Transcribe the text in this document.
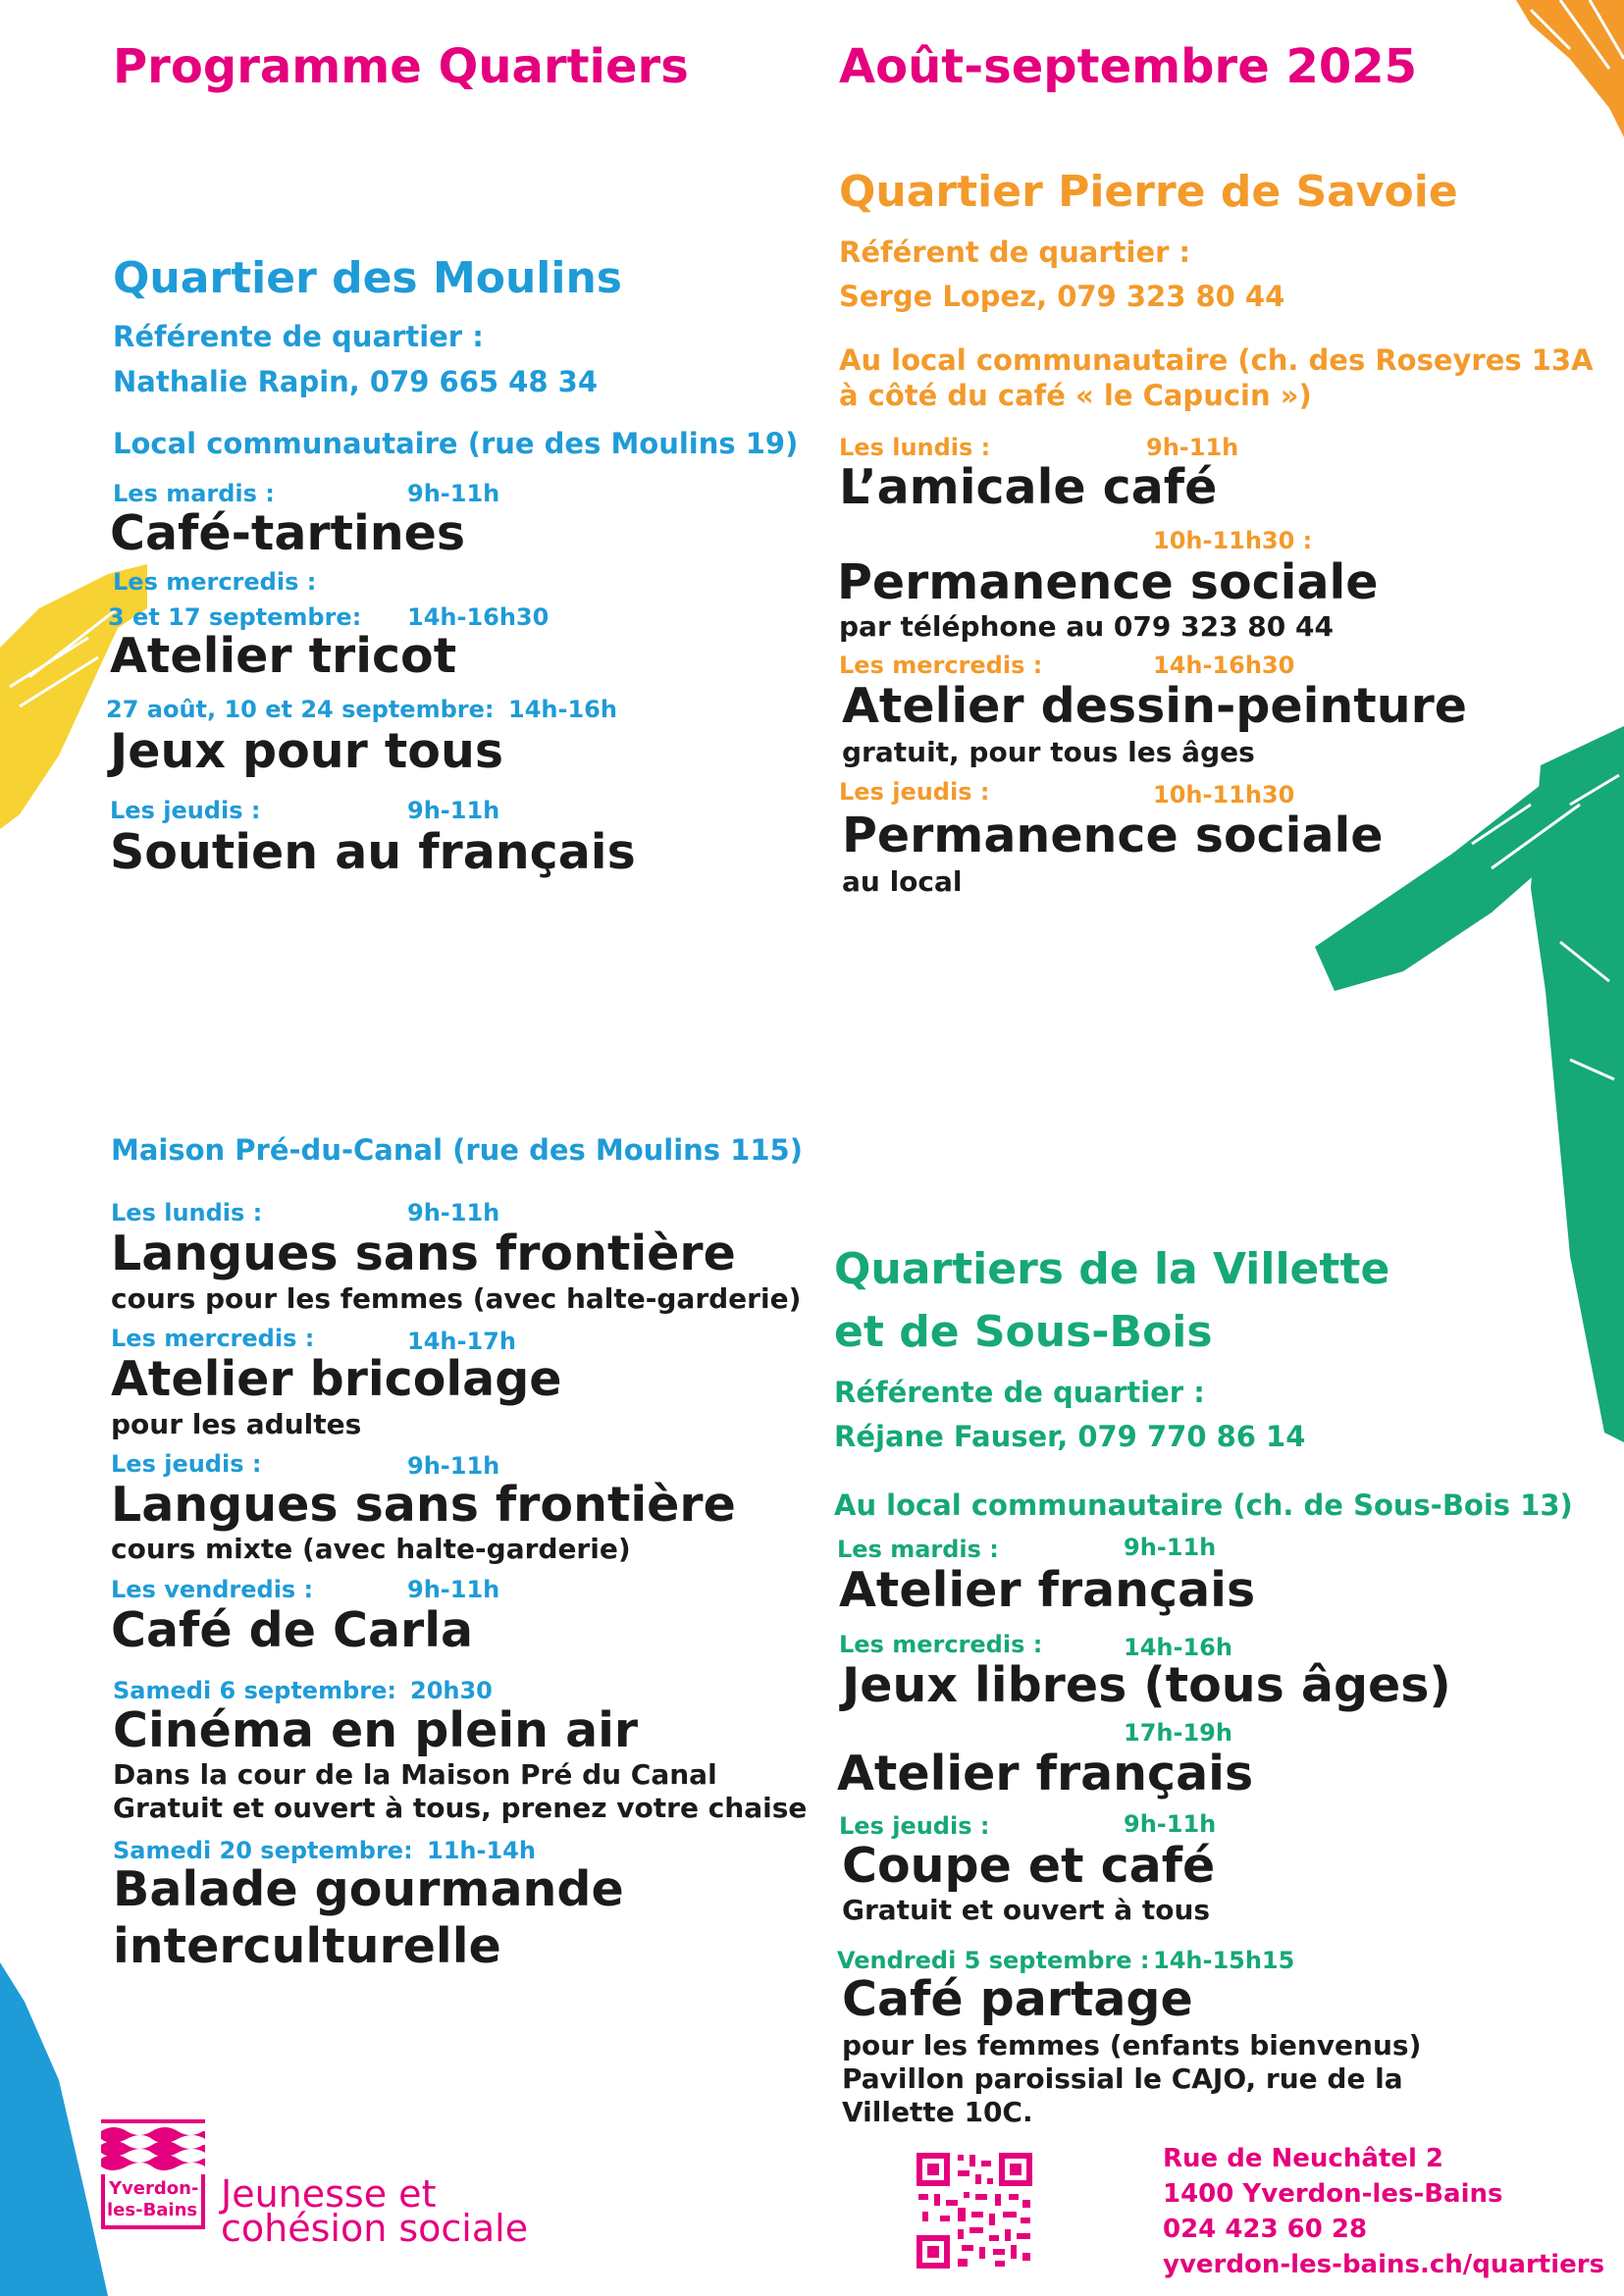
Programme Quartiers	Août-septembre 2025
Quartier des Moulins
Référente de quartier :
Nathalie Rapin, 079 665 48 34
Local communautaire (rue des Moulins 19)
Les mardis :	9h-11h
Café-tartines
Les mercredis :
3 et 17 septembre: 14h-16h30
Atelier tricot
27 août, 10 et 24 septembre: 14h-16h
Jeux pour tous
Les jeudis :	9h-11h
Soutien au français
Quartier Pierre de Savoie
Référent de quartier :
Serge Lopez, 079 323 80 44
Au local communautaire (ch. des Roseyres 13A
à côté du café « le Capucin »)
Les lundis :	9h-11h
L’amicale café
10h-11h30 :
Permanence sociale
par téléphone au 079 323 80 44
Les mercredis :	14h-16h30
Atelier dessin-peinture
gratuit, pour tous les âges
Les jeudis :	10h-11h30
Permanence sociale
au local
Maison Pré-du-Canal (rue des Moulins 115)
Les lundis :	9h-11h
Langues sans frontière
cours pour les femmes (avec halte-garderie)
Les mercredis :	14h-17h
Atelier bricolage
pour les adultes
Les jeudis :	9h-11h
Langues sans frontière
cours mixte (avec halte-garderie)
Les vendredis :	9h-11h
Café de Carla
Samedi 6 septembre: 20h30
Cinéma en plein air
Dans la cour de la Maison Pré du Canal
Gratuit et ouvert à tous, prenez votre chaise
Samedi 20 septembre: 11h-14h
Balade gourmande
interculturelle
Quartiers de la Villette
et de Sous-Bois
Référente de quartier :
Réjane Fauser, 079 770 86 14
Au local communautaire (ch. de Sous-Bois 13)
Les mardis :	9h-11h
Atelier français
Les mercredis :	14h-16h
Jeux libres (tous âges)
17h-19h
Atelier français
Les jeudis :	9h-11h
Coupe et café
Gratuit et ouvert à tous
Vendredi 5 septembre : 14h-15h15
Café partage
pour les femmes (enfants bienvenus)
Pavillon paroissial le CAJO, rue de la
Villette 10C.
Yverdon-
les-Bains Jeunesse et
cohésion sociale
Rue de Neuchâtel 2
1400 Yverdon-les-Bains
024 423 60 28
yverdon-les-bains.ch/quartiers
